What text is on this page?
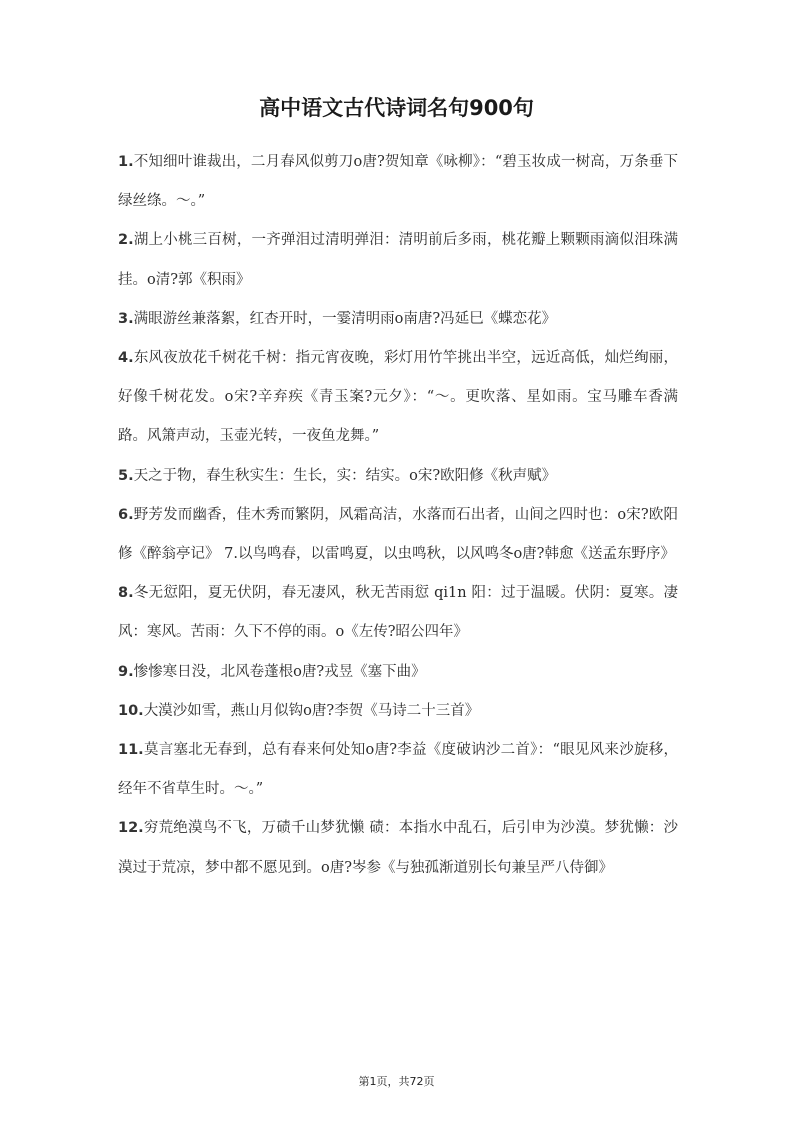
高中语文古代诗词名句900句

1.不知细叶谁裁出，二月春风似剪刀o唐?贺知章《咏柳》：“碧玉妆成一树高，万条垂下绿丝绦。～。”

2.湖上小桃三百树，一齐弹泪过清明弹泪：清明前后多雨，桃花瓣上颗颗雨滴似泪珠满挂。o清?郭《积雨》

3.满眼游丝兼落絮，红杏开时，一霎清明雨o南唐?冯延巳《蝶恋花》

4.东风夜放花千树花千树：指元宵夜晚，彩灯用竹竿挑出半空，远近高低，灿烂绚丽，好像千树花发。o宋?辛弃疾《青玉案?元夕》：“～。更吹落、星如雨。宝马雕车香满路。风箫声动，玉壶光转，一夜鱼龙舞。”

5.天之于物，春生秋实生：生长，实：结实。o宋?欧阳修《秋声赋》

6.野芳发而幽香，佳木秀而繁阴，风霜高洁，水落而石出者，山间之四时也：o宋?欧阳修《醉翁亭记》 7.以鸟鸣春，以雷鸣夏，以虫鸣秋，以风鸣冬o唐?韩愈《送孟东野序》

8.冬无愆阳，夏无伏阴，春无凄风，秋无苦雨愆 qi1n 阳：过于温暖。伏阴：夏寒。凄风：寒风。苦雨：久下不停的雨。o《左传?昭公四年》

9.惨惨寒日没，北风卷蓬根o唐?戎昱《塞下曲》

10.大漠沙如雪，燕山月似钩o唐?李贺《马诗二十三首》

11.莫言塞北无春到，总有春来何处知o唐?李益《度破讷沙二首》：“眼见风来沙旋移，经年不省草生时。～。”

12.穷荒绝漠鸟不飞，万碛千山梦犹懒 碛：本指水中乱石，后引申为沙漠。梦犹懒：沙漠过于荒凉，梦中都不愿见到。o唐?岑参《与独孤渐道别长句兼呈严八侍御》

第1页，共72页
